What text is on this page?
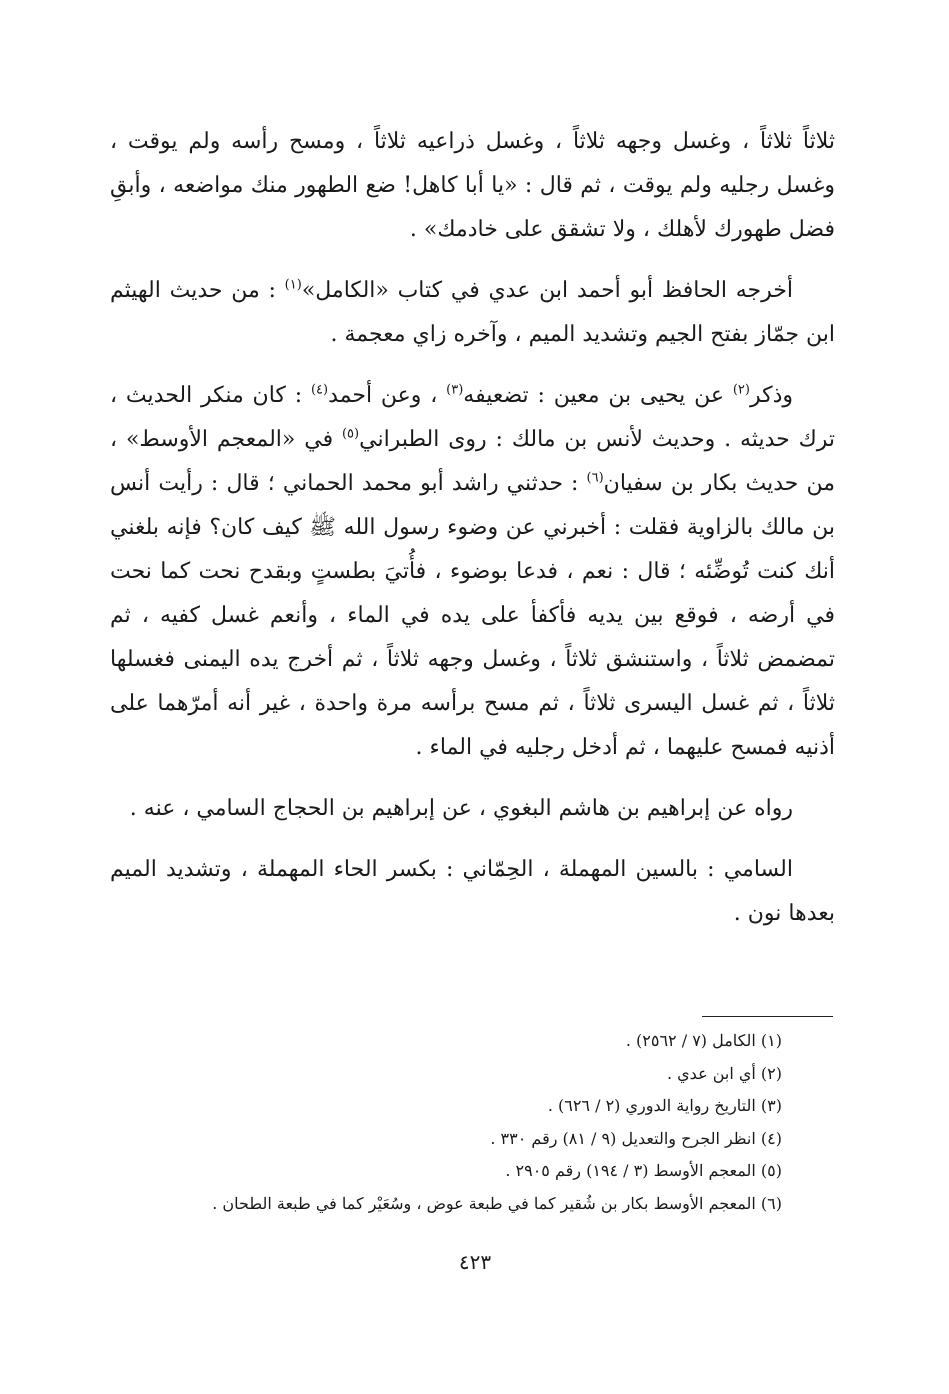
ثلاثاً ثلاثاً ، وغسل وجهه ثلاثاً ، وغسل ذراعيه ثلاثاً ، ومسح رأسه ولم يوقت ، وغسل رجليه ولم يوقت ، ثم قال : «يا أبا كاهل! ضع الطهور منك مواضعه ، وأبقِ فضل طهورك لأهلك ، ولا تشقق على خادمك» .

أخرجه الحافظ أبو أحمد ابن عدي في كتاب «الكامل»$^{(١)}$ : من حديث الهيثم ابن جمّاز بفتح الجيم وتشديد الميم ، وآخره زاي معجمة .

وذكر$^{(٢)}$ عن يحيى بن معين : تضعيفه$^{(٣)}$ ، وعن أحمد$^{(٤)}$ : كان منكر الحديث ، ترك حديثه . وحديث لأنس بن مالك : روى الطبراني$^{(٥)}$ في «المعجم الأوسط» ، من حديث بكار بن سفيان$^{(٦)}$ : حدثني راشد أبو محمد الحماني ؛ قال : رأيت أنس بن مالك بالزاوية فقلت : أخبرني عن وضوء رسول الله ﷺ كيف كان؟ فإنه بلغني أنك كنت تُوضِّئه ؛ قال : نعم ، فدعا بوضوء ، فأُتيَ بطستٍ وبقدح نحت كما نحت في أرضه ، فوقع بين يديه فأكفأ على يده في الماء ، وأنعم غسل كفيه ، ثم تمضمض ثلاثاً ، واستنشق ثلاثاً ، وغسل وجهه ثلاثاً ، ثم أخرج يده اليمنى فغسلها ثلاثاً ، ثم غسل اليسرى ثلاثاً ، ثم مسح برأسه مرة واحدة ، غير أنه أمرّهما على أذنيه فمسح عليهما ، ثم أدخل رجليه في الماء .

رواه عن إبراهيم بن هاشم البغوي ، عن إبراهيم بن الحجاج السامي ، عنه .

السامي : بالسين المهملة ، الحِمّاني : بكسر الحاء المهملة ، وتشديد الميم بعدها نون .

(١) الكامل (٧ / ٢٥٦٢) .
(٢) أي ابن عدي .
(٣) التاريخ رواية الدوري (٢ / ٦٢٦) .
(٤) انظر الجرح والتعديل (٩ / ٨١) رقم ٣٣٠ .
(٥) المعجم الأوسط (٣ / ١٩٤) رقم ٢٩٠٥ .
(٦) المعجم الأوسط بكار بن شُقير كما في طبعة عوض ، وسُعَيْر كما في طبعة الطحان .
٤٢٣
